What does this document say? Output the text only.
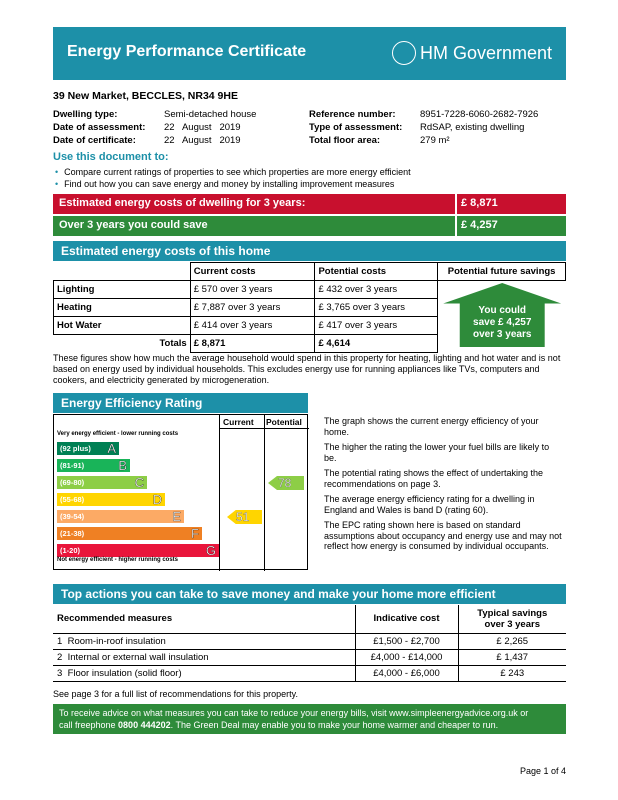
Energy Performance Certificate	HM Government
39 New Market, BECCLES, NR34 9HE
Dwelling type:	Semi-detached house
Date of assessment: 22   August   2019
Date of certificate:	22   August   2019
Reference number:	8951-7228-6060-2682-7926
Type of assessment: RdSAP, existing dwelling
Total floor area:	279 m²
Use this document to:
• Compare current ratings of properties to see which properties are more energy efficient
• Find out how you can save energy and money by installing improvement measures
Estimated energy costs of dwelling for 3 years:	£ 8,871
Over 3 years you could save	£ 4,257
Estimated energy costs of this home
	Current costs	Potential costs	Potential future savings
Lighting	£ 570 over 3 years	£ 432 over 3 years	You could
save £ 4,257
over 3 years

Heating	£ 7,887 over 3 years	£ 3,765 over 3 years	
Hot Water	£ 414 over 3 years	£ 417 over 3 years	
Totals	£ 8,871	£ 4,614	
These figures show how much the average household would spend in this property for heating, lighting and hot water and is not based on energy used by individual households. This excludes energy use for running appliances like TVs, computers and cookers, and electricity generated by microgeneration.
Energy Efficiency Rating
Current Potential
Very energy efficient - lower running costs
(92 plus) A
(81-91)	B
(69-80)	C
(55-68)	D
(39-54)	E
(21-38)	F
(1-20)	G
Not energy efficient - higher running costs
51
78

The graph shows the current energy efficiency of your home.

The higher the rating the lower your fuel bills are likely to be.

The potential rating shows the effect of undertaking the recommendations on page 3.

The average energy efficiency rating for a dwelling in England and Wales is band D (rating 60).

The EPC rating shown here is based on standard assumptions about occupancy and energy use and may not reflect how energy is consumed by individual occupants.

Top actions you can take to save money and make your home more efficient
Recommended measures	Indicative cost	Typical savings
over 3 years

1 Room-in-roof insulation	£1,500 - £2,700	£ 2,265
2 Internal or external wall insulation	£4,000 - £14,000	£ 1,437
3 Floor insulation (solid floor)	£4,000 - £6,000	£ 243
See page 3 for a full list of recommendations for this property.
To receive advice on what measures you can take to reduce your energy bills, visit www.simpleenergyadvice.org.uk or
call freephone 0800 444202. The Green Deal may enable you to make your home warmer and cheaper to run.
Page 1 of 4
